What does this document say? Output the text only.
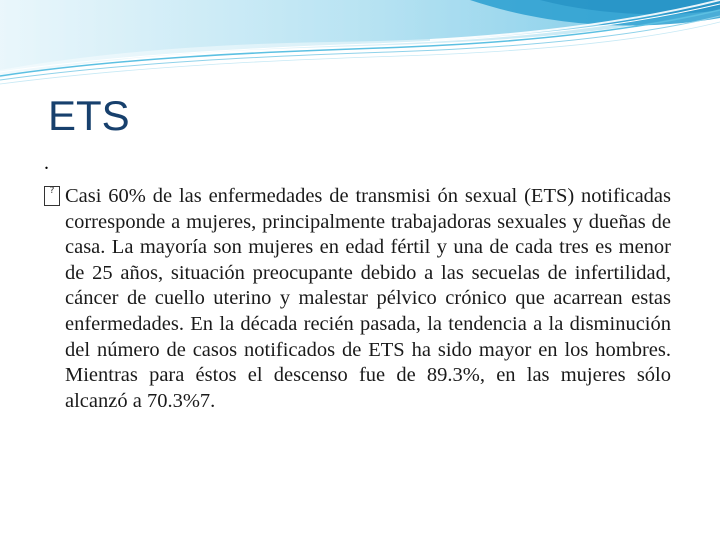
ETS
.
? Casi 60% de las enfermedades de transmisi ón sexual (ETS) notificadas corresponde a mujeres, principalmente trabajadoras sexuales y dueñas de casa. La mayoría son mujeres en edad fértil y una de cada tres es menor de 25 años, situación preocupante debido a las secuelas de infertilidad, cáncer de cuello uterino y malestar pélvico crónico que acarrean estas enfermedades. En la década recién pasada, la tendencia a la disminución del número de casos notificados de ETS ha sido mayor en los hombres. Mientras para éstos el descenso fue de 89.3%, en las mujeres sólo alcanzó a 70.3%7.
